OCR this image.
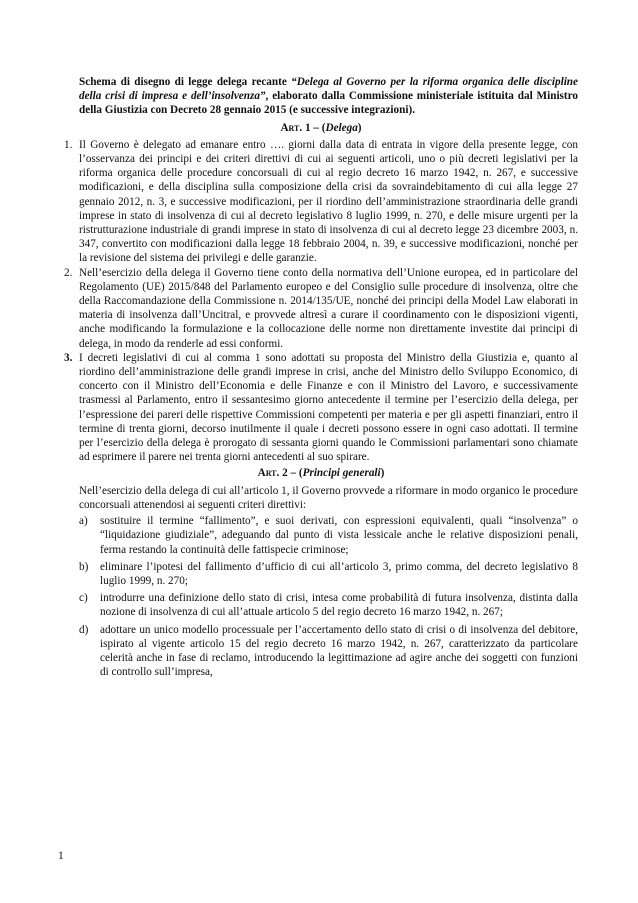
Schema di disegno di legge delega recante “Delega al Governo per la riforma organica delle discipline della crisi di impresa e dell’insolvenza”, elaborato dalla Commissione ministeriale istituita dal Ministro della Giustizia con Decreto 28 gennaio 2015 (e successive integrazioni).
Art. 1 – (Delega)
1. Il Governo è delegato ad emanare entro …. giorni dalla data di entrata in vigore della presente legge, con l’osservanza dei principi e dei criteri direttivi di cui ai seguenti articoli, uno o più decreti legislativi per la riforma organica delle procedure concorsuali di cui al regio decreto 16 marzo 1942, n. 267, e successive modificazioni, e della disciplina sulla composizione della crisi da sovraindebitamento di cui alla legge 27 gennaio 2012, n. 3, e successive modificazioni, per il riordino dell’amministrazione straordinaria delle grandi imprese in stato di insolvenza di cui al decreto legislativo 8 luglio 1999, n. 270, e delle misure urgenti per la ristrutturazione industriale di grandi imprese in stato di insolvenza di cui al decreto legge 23 dicembre 2003, n. 347, convertito con modificazioni dalla legge 18 febbraio 2004, n. 39, e successive modificazioni, nonché per la revisione del sistema dei privilegi e delle garanzie.
2. Nell’esercizio della delega il Governo tiene conto della normativa dell’Unione europea, ed in particolare del Regolamento (UE) 2015/848 del Parlamento europeo e del Consiglio sulle procedure di insolvenza, oltre che della Raccomandazione della Commissione n. 2014/135/UE, nonché dei principi della Model Law elaborati in materia di insolvenza dall’Uncitral, e provvede altresì a curare il coordinamento con le disposizioni vigenti, anche modificando la formulazione e la collocazione delle norme non direttamente investite dai principi di delega, in modo da renderle ad essi conformi.
3. I decreti legislativi di cui al comma 1 sono adottati su proposta del Ministro della Giustizia e, quanto al riordino dell’amministrazione delle grandi imprese in crisi, anche del Ministro dello Sviluppo Economico, di concerto con il Ministro dell’Economia e delle Finanze e con il Ministro del Lavoro, e successivamente trasmessi al Parlamento, entro il sessantesimo giorno antecedente il termine per l’esercizio della delega, per l’espressione dei pareri delle rispettive Commissioni competenti per materia e per gli aspetti finanziari, entro il termine di trenta giorni, decorso inutilmente il quale i decreti possono essere in ogni caso adottati. Il termine per l’esercizio della delega è prorogato di sessanta giorni quando le Commissioni parlamentari sono chiamate ad esprimere il parere nei trenta giorni antecedenti al suo spirare.
Art. 2 – (Principi generali)
Nell’esercizio della delega di cui all’articolo 1, il Governo provvede a riformare in modo organico le procedure concorsuali attenendosi ai seguenti criteri direttivi:
a) sostituire il termine “fallimento”, e suoi derivati, con espressioni equivalenti, quali “insolvenza” o “liquidazione giudiziale”, adeguando dal punto di vista lessicale anche le relative disposizioni penali, ferma restando la continuità delle fattispecie criminose;
b) eliminare l’ipotesi del fallimento d’ufficio di cui all’articolo 3, primo comma, del decreto legislativo 8 luglio 1999, n. 270;
c) introdurre una definizione dello stato di crisi, intesa come probabilità di futura insolvenza, distinta dalla nozione di insolvenza di cui all’attuale articolo 5 del regio decreto 16 marzo 1942, n. 267;
d) adottare un unico modello processuale per l’accertamento dello stato di crisi o di insolvenza del debitore, ispirato al vigente articolo 15 del regio decreto 16 marzo 1942, n. 267, caratterizzato da particolare celerità anche in fase di reclamo, introducendo la legittimazione ad agire anche dei soggetti con funzioni di controllo sull’impresa,
1
